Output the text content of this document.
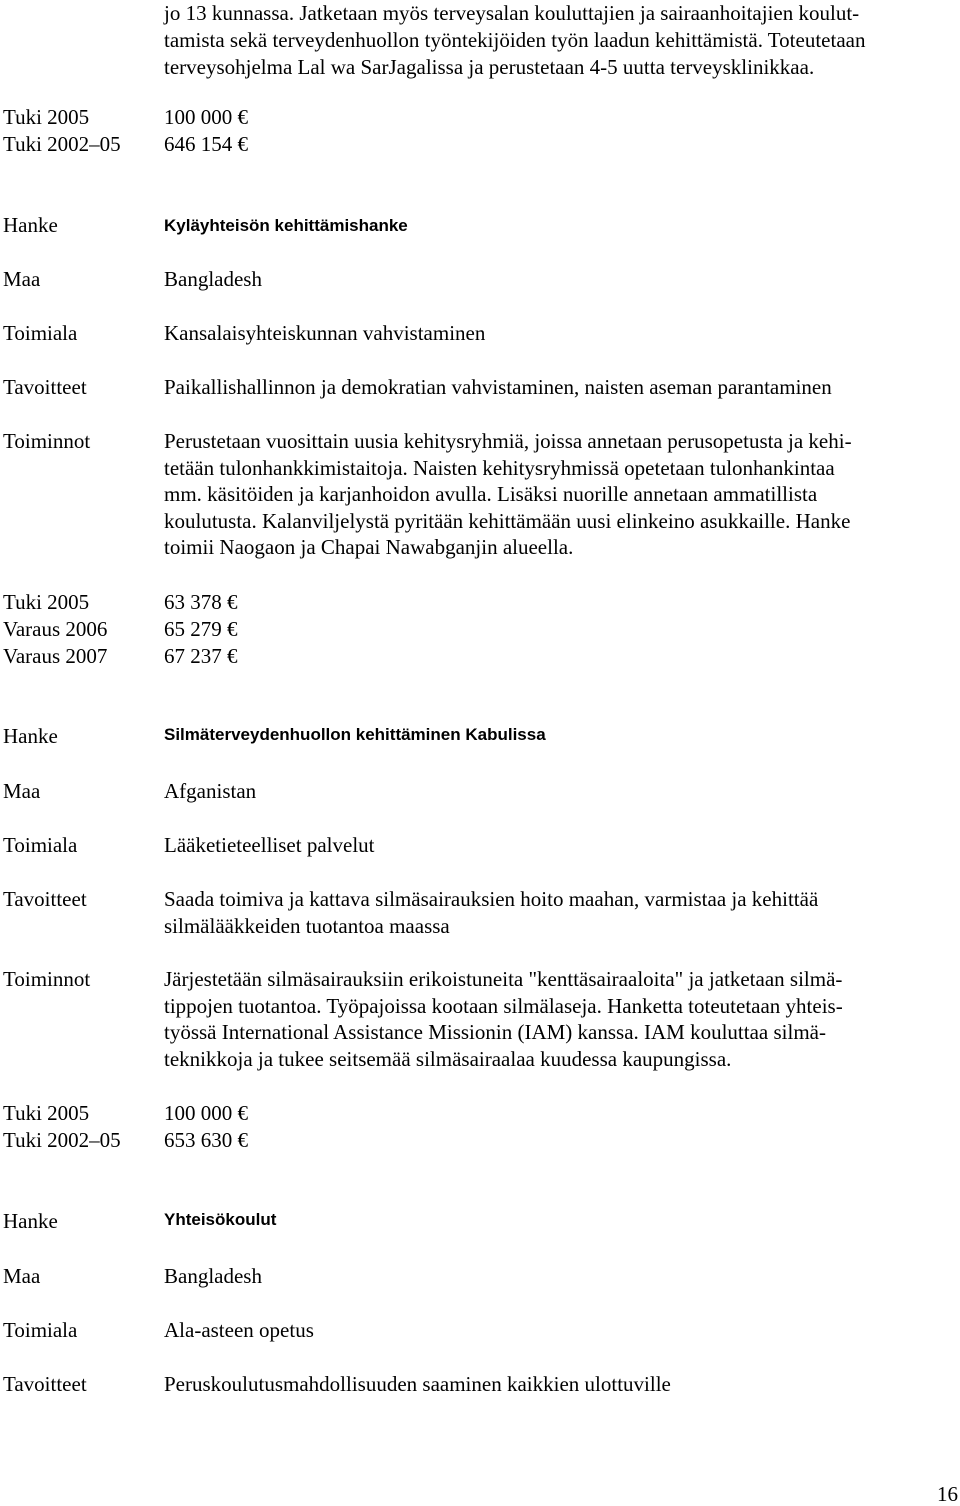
jo 13 kunnassa. Jatketaan myös terveysalan kouluttajien ja sairaanhoitajien koulut-
tamista sekä terveydenhuollon työntekijöiden työn laadun kehittämistä. Toteutetaan
terveysohjelma Lal wa SarJagalissa ja perustetaan 4-5 uutta terveysklinikkaa.
Tuki 2005	100 000 €
Tuki 2002–05	646 154 €
Hanke	Kyläyhteisön kehittämishanke
Maa	Bangladesh
Toimiala	Kansalaisyhteiskunnan vahvistaminen
Tavoitteet	Paikallishallinnon ja demokratian vahvistaminen, naisten aseman parantaminen
Toiminnot	Perustetaan vuosittain uusia kehitysryhmiä, joissa annetaan perusopetusta ja kehi-
tetään tulonhankkimistaitoja. Naisten kehitysryhmissä opetetaan tulonhankintaa
mm. käsitöiden ja karjanhoidon avulla. Lisäksi nuorille annetaan ammatillista
koulutusta. Kalanviljelystä pyritään kehittämään uusi elinkeino asukkaille. Hanke
toimii Naogaon ja Chapai Nawabganjin alueella.
Tuki 2005	63 378 €
Varaus 2006	65 279 €
Varaus 2007	67 237 €
Hanke	Silmäterveydenhuollon kehittäminen Kabulissa
Maa	Afganistan
Toimiala	Lääketieteelliset palvelut
Tavoitteet	Saada toimiva ja kattava silmäsairauksien hoito maahan, varmistaa ja kehittää
silmälääkkeiden tuotantoa maassa
Toiminnot	Järjestetään silmäsairauksiin erikoistuneita "kenttäsairaaloita" ja jatketaan silmä-
tippojen tuotantoa. Työpajoissa kootaan silmälaseja. Hanketta toteutetaan yhteis-
työssä International Assistance Missionin (IAM) kanssa. IAM kouluttaa silmä-
teknikkoja ja tukee seitsemää silmäsairaalaa kuudessa kaupungissa.
Tuki 2005	100 000 €
Tuki 2002–05	653 630 €
Hanke	Yhteisökoulut
Maa	Bangladesh
Toimiala	Ala-asteen opetus
Tavoitteet	Peruskoulutusmahdollisuuden saaminen kaikkien ulottuville
16
